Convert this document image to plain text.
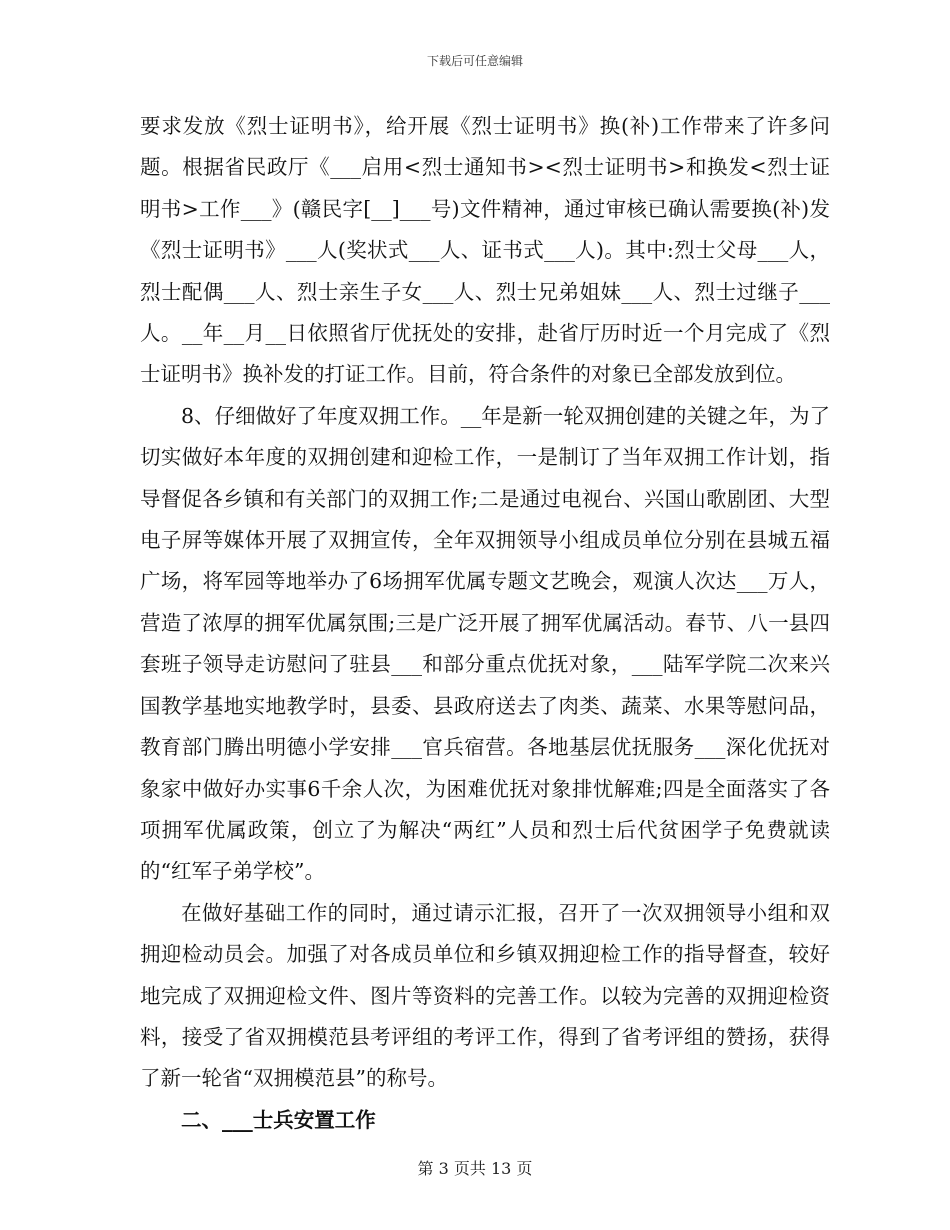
下载后可任意编辑

要求发放《烈士证明书》，给开展《烈士证明书》换(补)工作带来了许多问题。根据省民政厅《___启用<烈士通知书><烈士证明书>和换发<烈士证明书>工作___》(赣民字[__]___号)文件精神，通过审核已确认需要换(补)发《烈士证明书》___人(奖状式___人、证书式___人)。其中:烈士父母___人，烈士配偶___人、烈士亲生子女___人、烈士兄弟姐妹___人、烈士过继子___人。__年__月__日依照省厅优抚处的安排，赴省厅历时近一个月完成了《烈士证明书》换补发的打证工作。目前，符合条件的对象已全部发放到位。

8、仔细做好了年度双拥工作。__年是新一轮双拥创建的关键之年，为了切实做好本年度的双拥创建和迎检工作，一是制订了当年双拥工作计划，指导督促各乡镇和有关部门的双拥工作;二是通过电视台、兴国山歌剧团、大型电子屏等媒体开展了双拥宣传，全年双拥领导小组成员单位分别在县城五福广场，将军园等地举办了6场拥军优属专题文艺晚会，观演人次达___万人，营造了浓厚的拥军优属氛围;三是广泛开展了拥军优属活动。春节、八一县四套班子领导走访慰问了驻县___和部分重点优抚对象，___陆军学院二次来兴国教学基地实地教学时，县委、县政府送去了肉类、蔬菜、水果等慰问品，教育部门腾出明德小学安排___官兵宿营。各地基层优抚服务___深化优抚对象家中做好办实事6千余人次，为困难优抚对象排忧解难;四是全面落实了各项拥军优属政策，创立了为解决“两红”人员和烈士后代贫困学子免费就读的“红军子弟学校”。

在做好基础工作的同时，通过请示汇报，召开了一次双拥领导小组和双拥迎检动员会。加强了对各成员单位和乡镇双拥迎检工作的指导督查，较好地完成了双拥迎检文件、图片等资料的完善工作。以较为完善的双拥迎检资料，接受了省双拥模范县考评组的考评工作，得到了省考评组的赞扬，获得了新一轮省“双拥模范县”的称号。

二、___士兵安置工作

第 3 页共 13 页
